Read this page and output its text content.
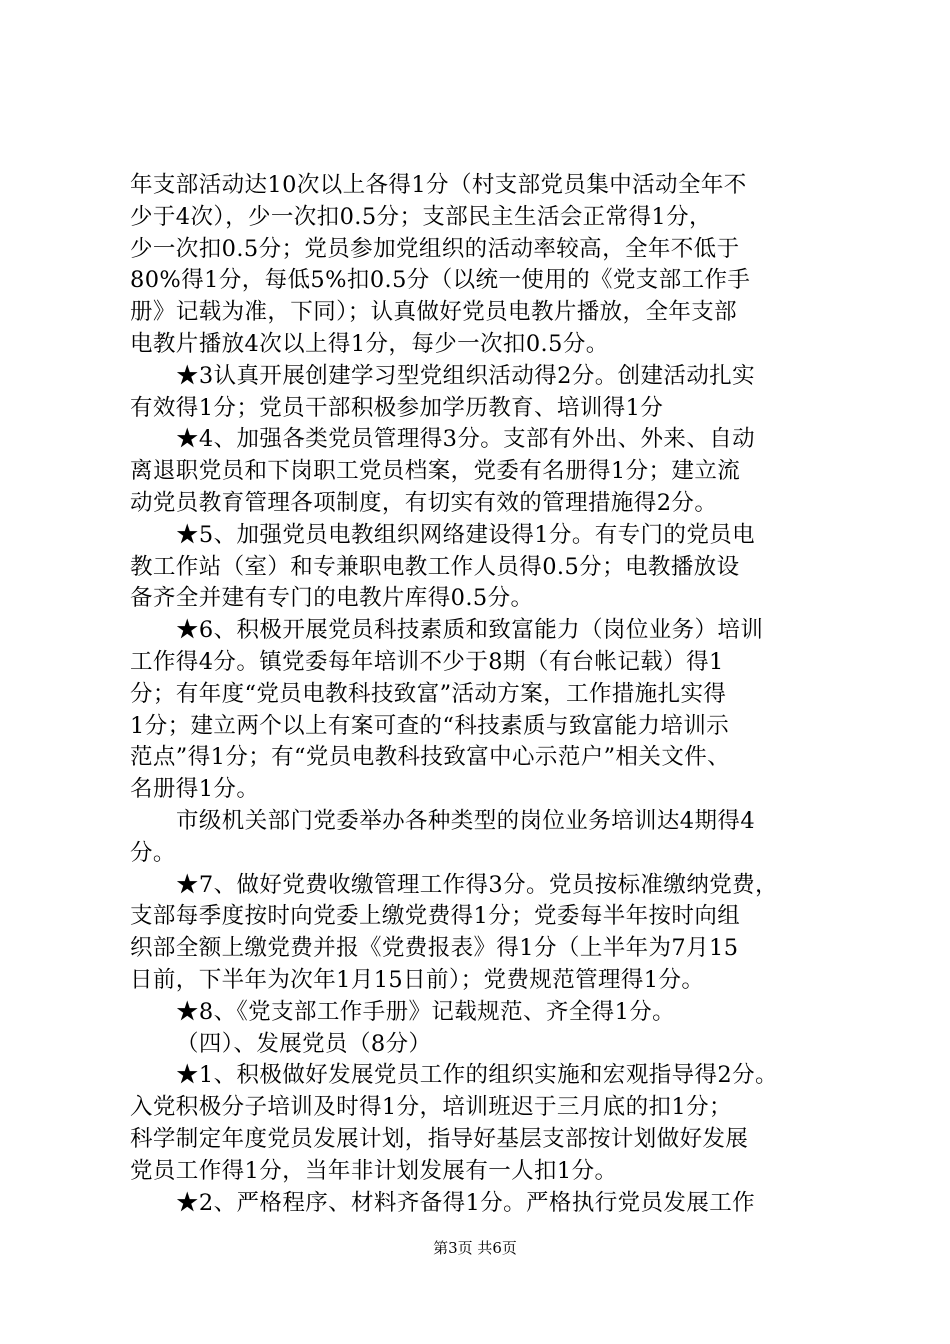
年支部活动达10次以上各得1分（村支部党员集中活动全年不
少于4次），少一次扣0.5分；支部民主生活会正常得1分，
少一次扣0.5分；党员参加党组织的活动率较高，全年不低于
80%得1分，每低5%扣0.5分（以统一使用的《党支部工作手
册》记载为准，下同）；认真做好党员电教片播放，全年支部
电教片播放4次以上得1分，每少一次扣0.5分。
★3认真开展创建学习型党组织活动得2分。创建活动扎实
有效得1分；党员干部积极参加学历教育、培训得1分
★4、加强各类党员管理得3分。支部有外出、外来、自动
离退职党员和下岗职工党员档案，党委有名册得1分；建立流
动党员教育管理各项制度，有切实有效的管理措施得2分。
★5、加强党员电教组织网络建设得1分。有专门的党员电
教工作站（室）和专兼职电教工作人员得0.5分；电教播放设
备齐全并建有专门的电教片库得0.5分。
★6、积极开展党员科技素质和致富能力（岗位业务）培训
工作得4分。镇党委每年培训不少于8期（有台帐记载）得1
分；有年度“党员电教科技致富”活动方案，工作措施扎实得
1分；建立两个以上有案可查的“科技素质与致富能力培训示
范点”得1分；有“党员电教科技致富中心示范户”相关文件、
名册得1分。
市级机关部门党委举办各种类型的岗位业务培训达4期得4
分。
★7、做好党费收缴管理工作得3分。党员按标准缴纳党费，
支部每季度按时向党委上缴党费得1分；党委每半年按时向组
织部全额上缴党费并报《党费报表》得1分（上半年为7月15
日前，下半年为次年1月15日前）；党费规范管理得1分。
★8、《党支部工作手册》记载规范、齐全得1分。
（四）、发展党员（8分）
★1、积极做好发展党员工作的组织实施和宏观指导得2分。
入党积极分子培训及时得1分，培训班迟于三月底的扣1分；
科学制定年度党员发展计划，指导好基层支部按计划做好发展
党员工作得1分，当年非计划发展有一人扣1分。
★2、严格程序、材料齐备得1分。严格执行党员发展工作
第3页 共6页
